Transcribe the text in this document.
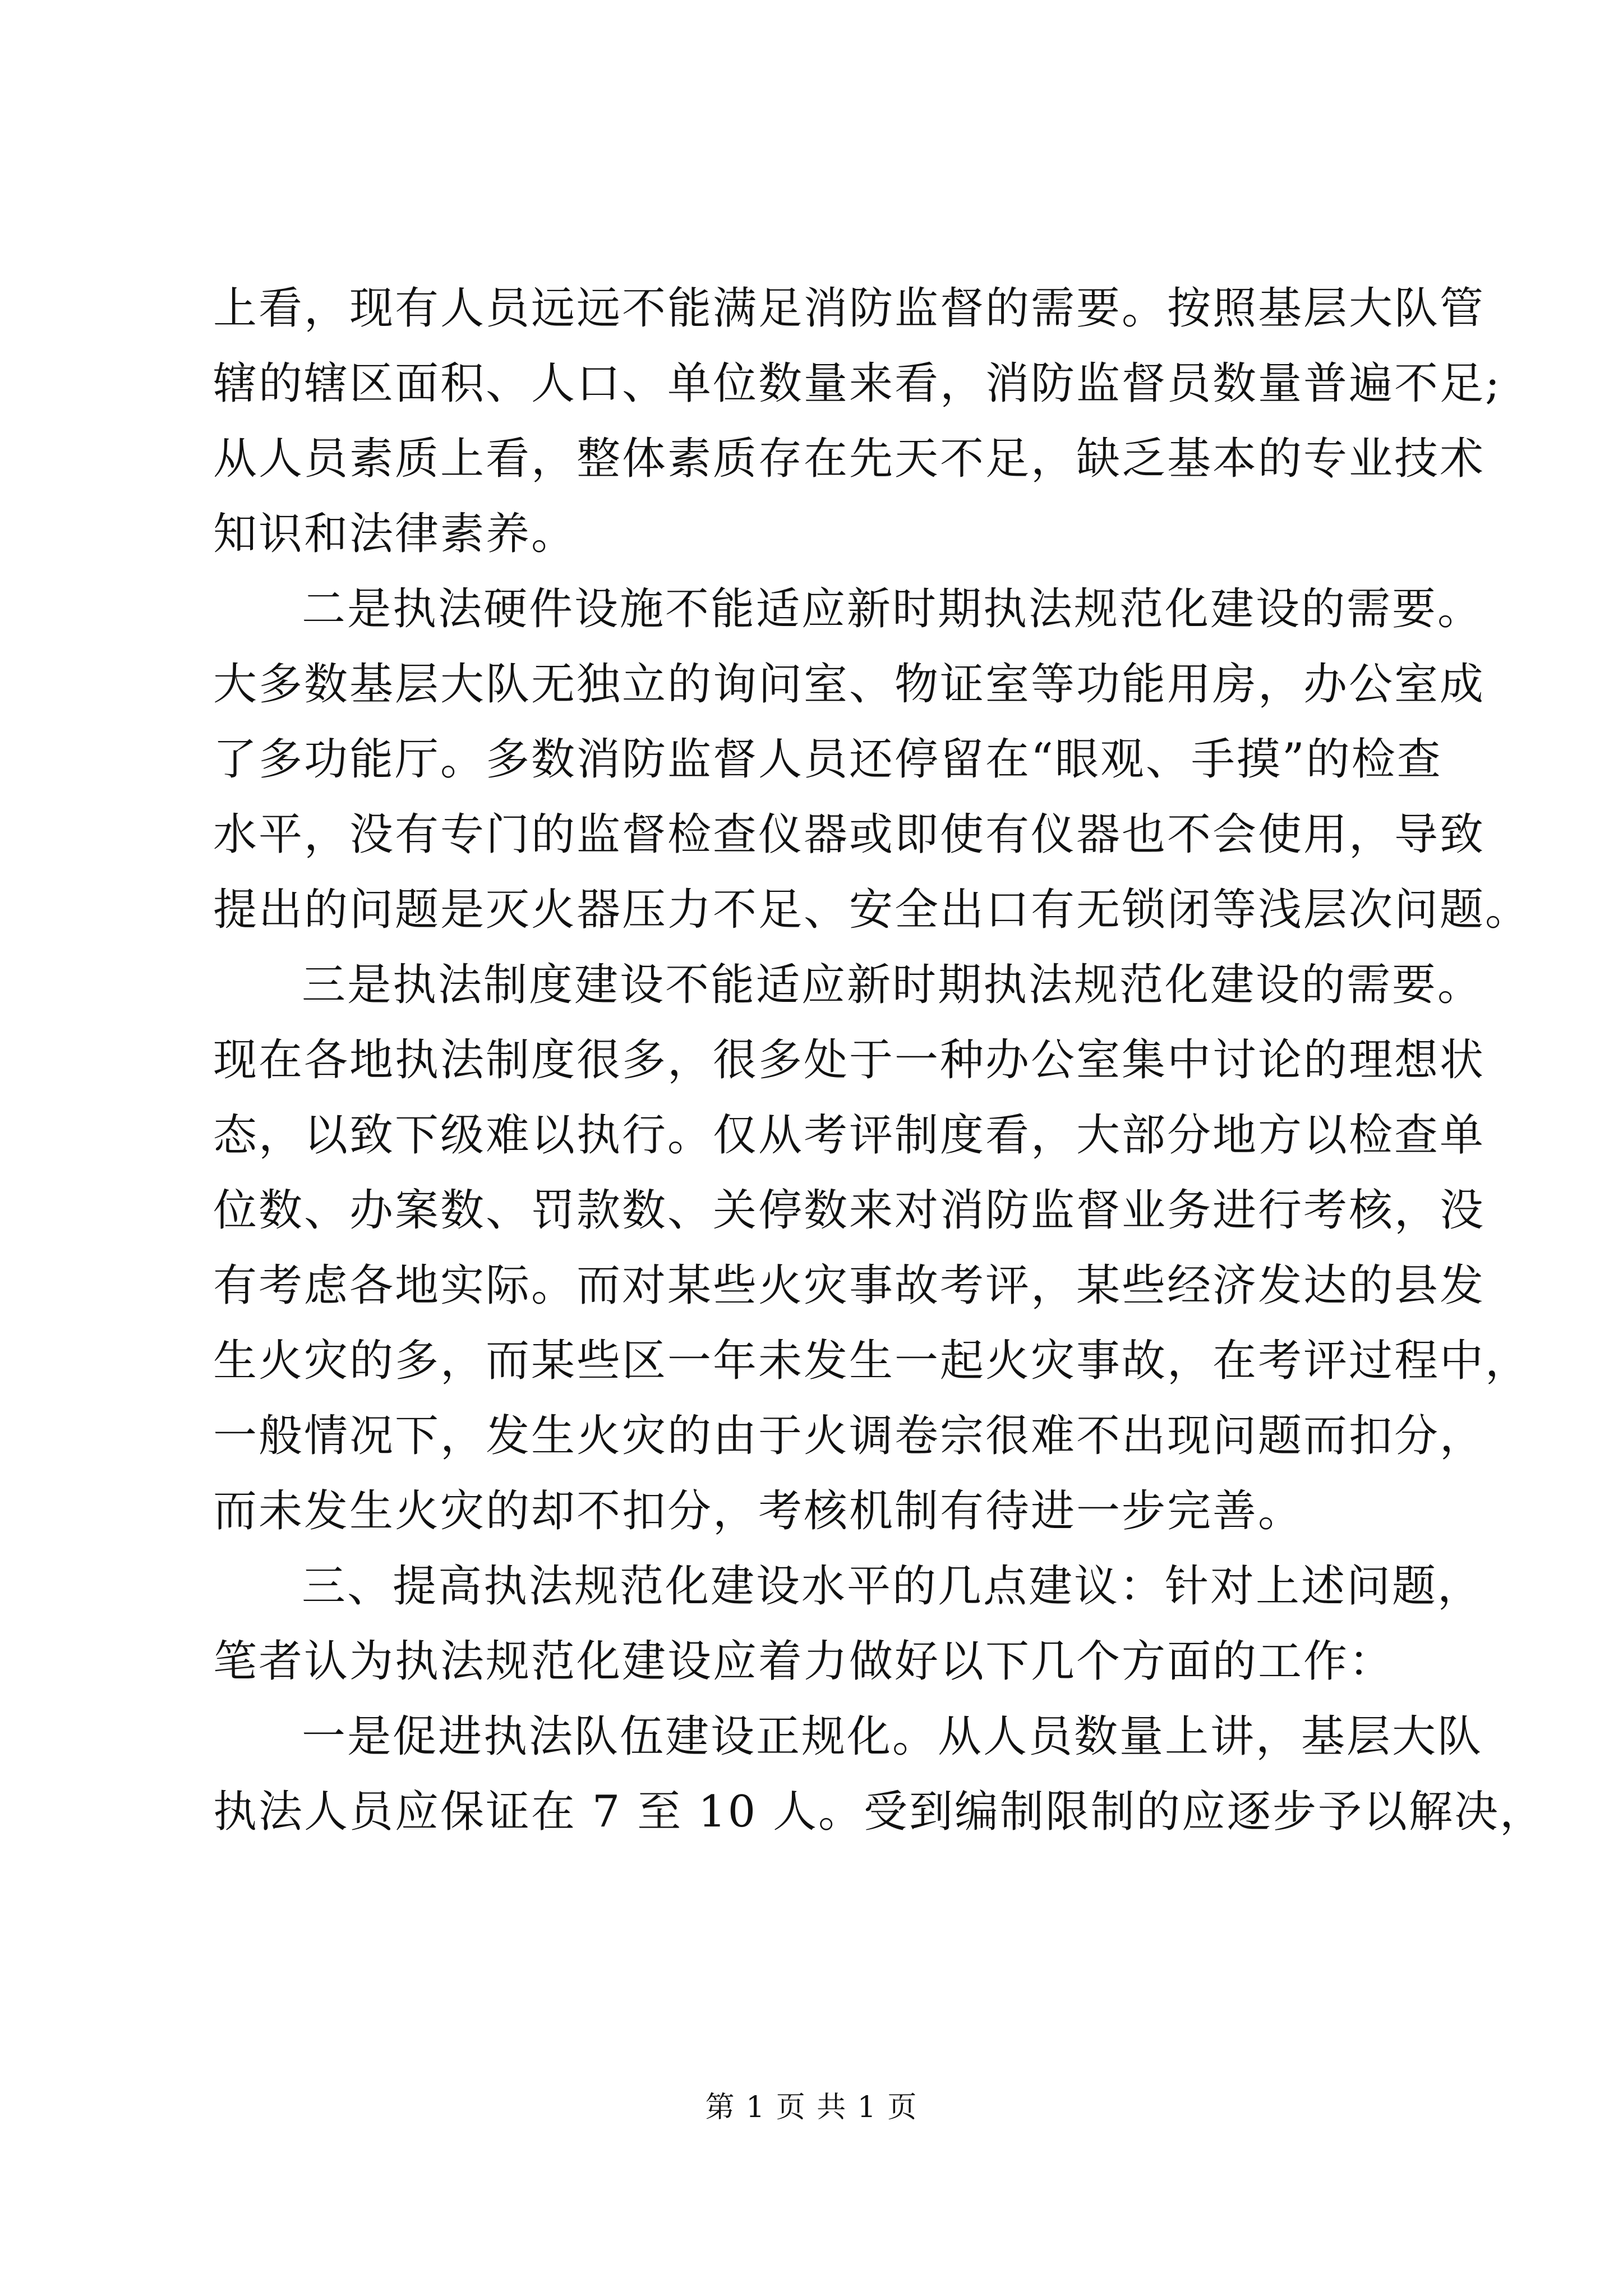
上看，现有人员远远不能满足消防监督的需要。按照基层大队管
辖的辖区面积、人口、单位数量来看，消防监督员数量普遍不足;
从人员素质上看，整体素质存在先天不足，缺乏基本的专业技术
知识和法律素养。
二是执法硬件设施不能适应新时期执法规范化建设的需要。
大多数基层大队无独立的询问室、物证室等功能用房，办公室成
了多功能厅。多数消防监督人员还停留在“眼观、手摸”的检查
水平，没有专门的监督检查仪器或即使有仪器也不会使用，导致
提出的问题是灭火器压力不足、安全出口有无锁闭等浅层次问题。
三是执法制度建设不能适应新时期执法规范化建设的需要。
现在各地执法制度很多，很多处于一种办公室集中讨论的理想状
态，以致下级难以执行。仅从考评制度看，大部分地方以检查单
位数、办案数、罚款数、关停数来对消防监督业务进行考核，没
有考虑各地实际。而对某些火灾事故考评，某些经济发达的县发
生火灾的多，而某些区一年未发生一起火灾事故，在考评过程中，
一般情况下，发生火灾的由于火调卷宗很难不出现问题而扣分，
而未发生火灾的却不扣分，考核机制有待进一步完善。
三、提高执法规范化建设水平的几点建议：针对上述问题，
笔者认为执法规范化建设应着力做好以下几个方面的工作：
一是促进执法队伍建设正规化。从人员数量上讲，基层大队
执法人员应保证在 7 至 10 人。受到编制限制的应逐步予以解决，
第 1 页 共 1 页
